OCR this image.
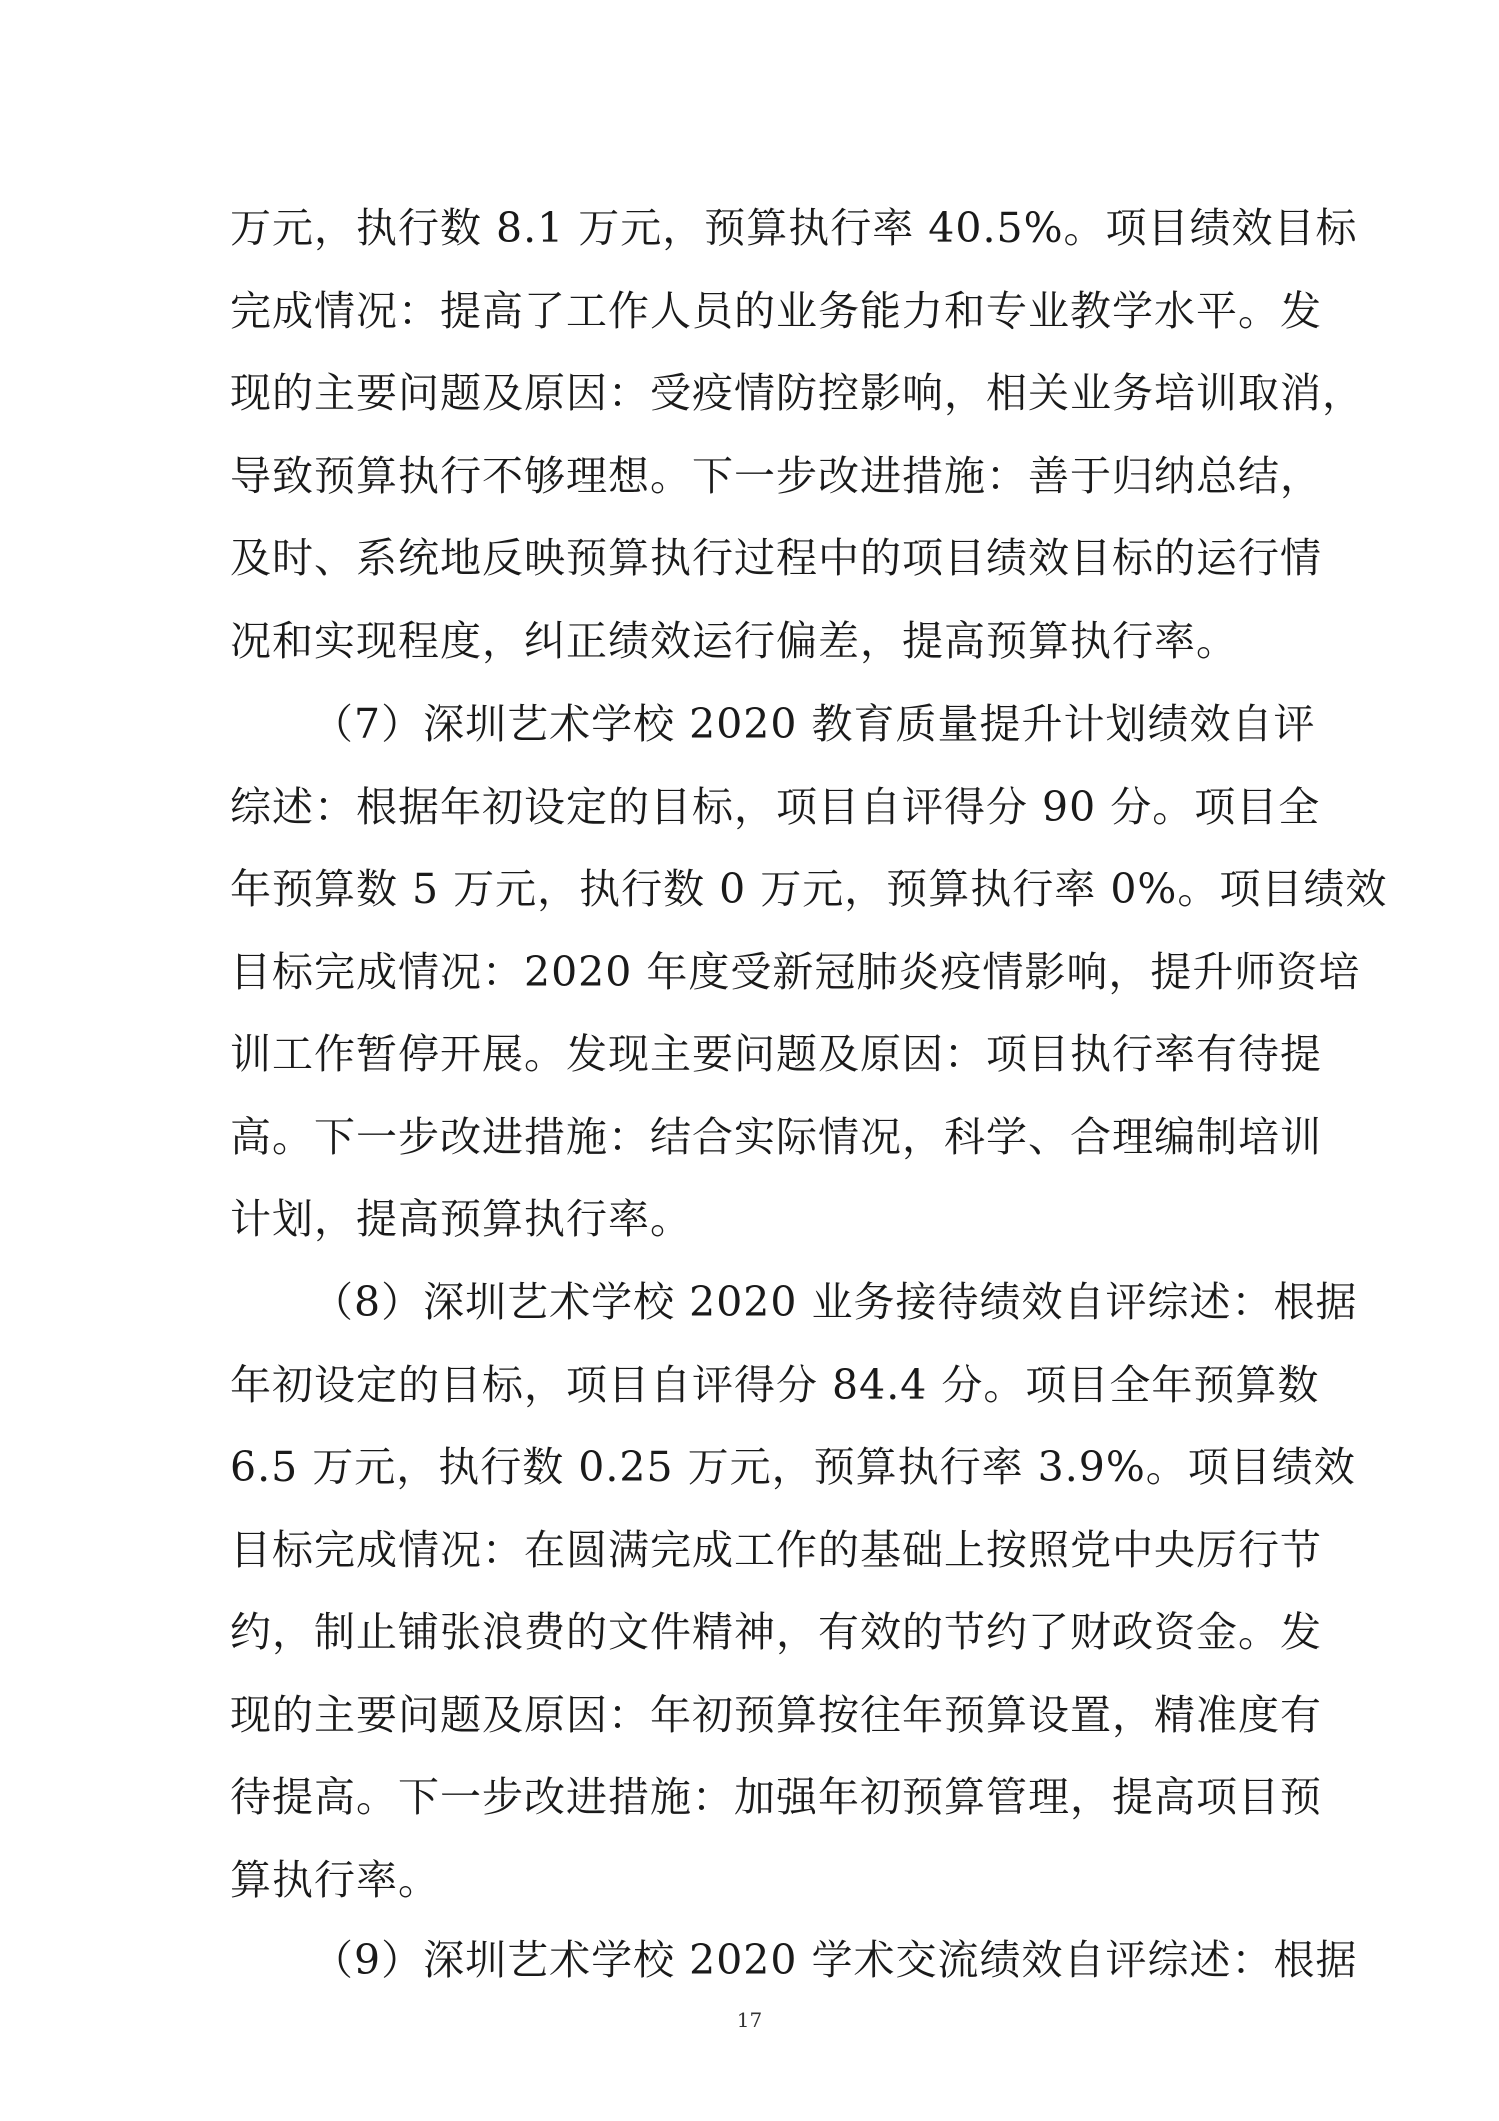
万元，执行数 8.1 万元，预算执行率 40.5%。项目绩效目标
完成情况：提高了工作人员的业务能力和专业教学水平。发
现的主要问题及原因：受疫情防控影响，相关业务培训取消，
导致预算执行不够理想。下一步改进措施：善于归纳总结，
及时、系统地反映预算执行过程中的项目绩效目标的运行情
况和实现程度，纠正绩效运行偏差，提高预算执行率。
（7）深圳艺术学校 2020 教育质量提升计划绩效自评
综述：根据年初设定的目标，项目自评得分 90 分。项目全
年预算数 5 万元，执行数 0 万元，预算执行率 0%。项目绩效
目标完成情况：2020 年度受新冠肺炎疫情影响，提升师资培
训工作暂停开展。发现主要问题及原因：项目执行率有待提
高。下一步改进措施：结合实际情况，科学、合理编制培训
计划，提高预算执行率。
（8）深圳艺术学校 2020 业务接待绩效自评综述：根据
年初设定的目标，项目自评得分 84.4 分。项目全年预算数
6.5 万元，执行数 0.25 万元，预算执行率 3.9%。项目绩效
目标完成情况：在圆满完成工作的基础上按照党中央厉行节
约，制止铺张浪费的文件精神，有效的节约了财政资金。发
现的主要问题及原因：年初预算按往年预算设置，精准度有
待提高。下一步改进措施：加强年初预算管理，提高项目预
算执行率。
（9）深圳艺术学校 2020 学术交流绩效自评综述：根据
17
